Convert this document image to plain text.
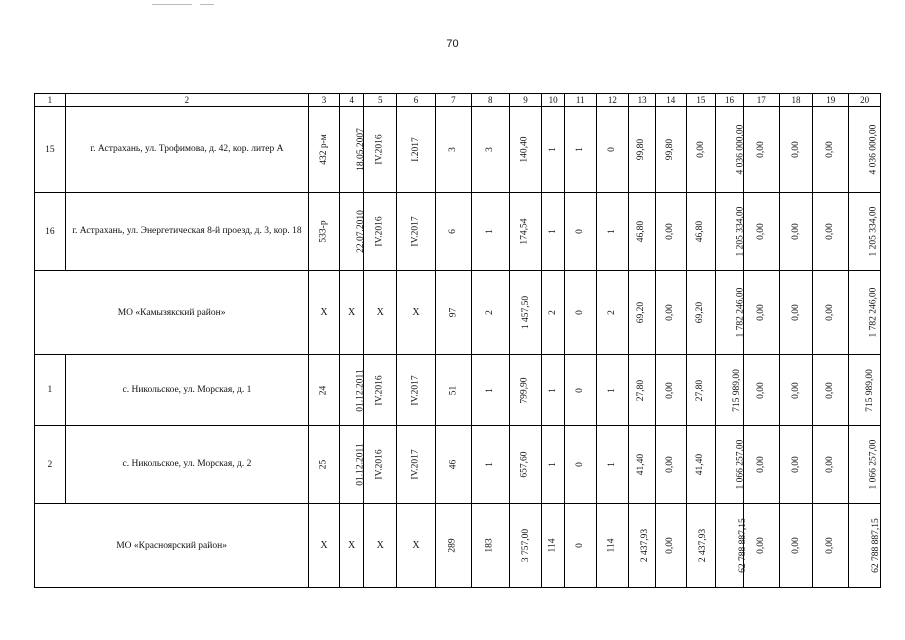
70
1	2	3	4	5	6	7	8	9	10	11	12	13	14	15	16	17	18	19	20
15	г. Астрахань, ул. Трофимова, д. 42, кор. литер А	432 р-м	18.05.2007	IV.2016	I.2017	3	3	140,40	1	1	0	99,80	99,80	0,00	4 036 000,00	0,00	0,00	0,00	4 036 000,00
16	г. Астрахань, ул. Энергетическая 8-й проезд, д. 3, кор. 18	533-р	22.07.2010	IV.2016	IV.2017	6	1	174,54	1	0	1	46,80	0,00	46,80	1 205 334,00	0,00	0,00	0,00	1 205 334,00
МО «Камызякский район»		X	X	X	X	97	2	1 457,50	2	0	2	69,20	0,00	69,20	1 782 246,00	0,00	0,00	0,00	1 782 246,00
1	с. Никольское, ул. Морская, д. 1	24	01.12.2011	IV.2016	IV.2017	51	1	799,90	1	0	1	27,80	0,00	27,80	715 989,00	0,00	0,00	0,00	715 989,00
2	с. Никольское, ул. Морская, д. 2	25	01.12.2011	IV.2016	IV.2017	46	1	657,60	1	0	1	41,40	0,00	41,40	1 066 257,00	0,00	0,00	0,00	1 066 257,00
МО «Красноярский район»		X	X	X	X	289	183	3 757,00	114	0	114	2 437,93	0,00	2 437,93	62 788 887,15	0,00	0,00	0,00	62 788 887,15
